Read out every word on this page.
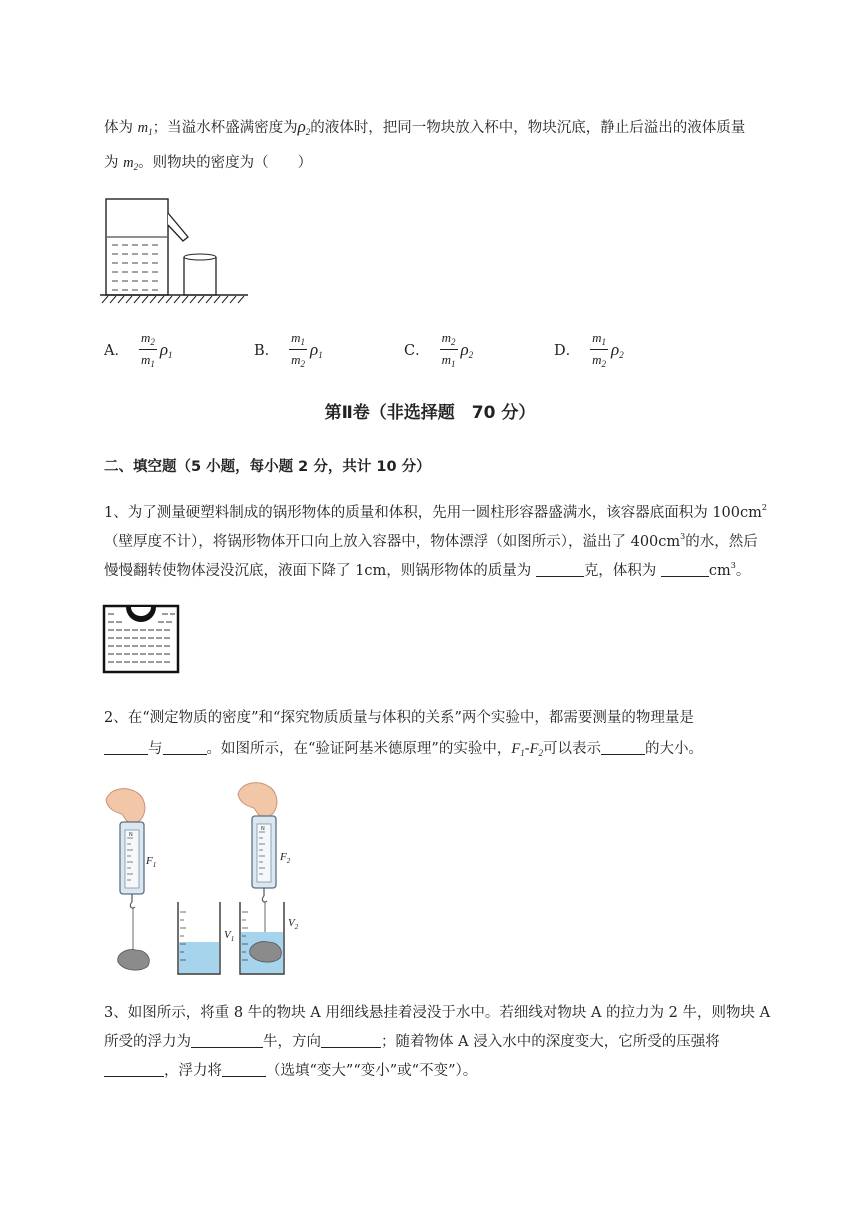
体为 $m_1$；当溢水杯盛满密度为$\rho_2$的液体时，把同一物块放入杯中，物块沉底，静止后溢出的液体质量
为 $m_2$。则物块的密度为（　　）
A． $\frac{m_2}{m_1} \rho_1$	B． $\frac{m_1}{m_2} \rho_1$	C． $\frac{m_2}{m_1} \rho_2$	D． $\frac{m_1}{m_2} \rho_2$
第Ⅱ卷（非选择题　70 分）
二、填空题（5 小题，每小题 2 分，共计 10 分）
1、为了测量硬塑料制成的锅形物体的质量和体积，先用一圆柱形容器盛满水，该容器底面积为 $100cm^2$
（壁厚度不计），将锅形物体开口向上放入容器中，物体漂浮（如图所示），溢出了 $400cm^3$的水，然后
慢慢翻转使物体浸没沉底，液面下降了 1cm，则锅形物体的质量为	克，体积为	$cm^3$。
2、在“测定物质的密度”和“探究物质质量与体积的关系”两个实验中，都需要测量的物理量是
与	。如图所示，在“验证阿基米德原理”的实验中，$F_1-F_2$可以表示	的大小。
N
$F_1$
$V_1$
N
$F_2$
$V_2$
3、如图所示，将重 8 牛的物块 A 用细线悬挂着浸没于水中。若细线对物块 A 的拉力为 2 牛，则物块 A
所受的浮力为	牛，方向	；随着物体 A 浸入水中的深度变大，它所受的压强将
，浮力将	（选填“变大”“变小”或“不变”）。
